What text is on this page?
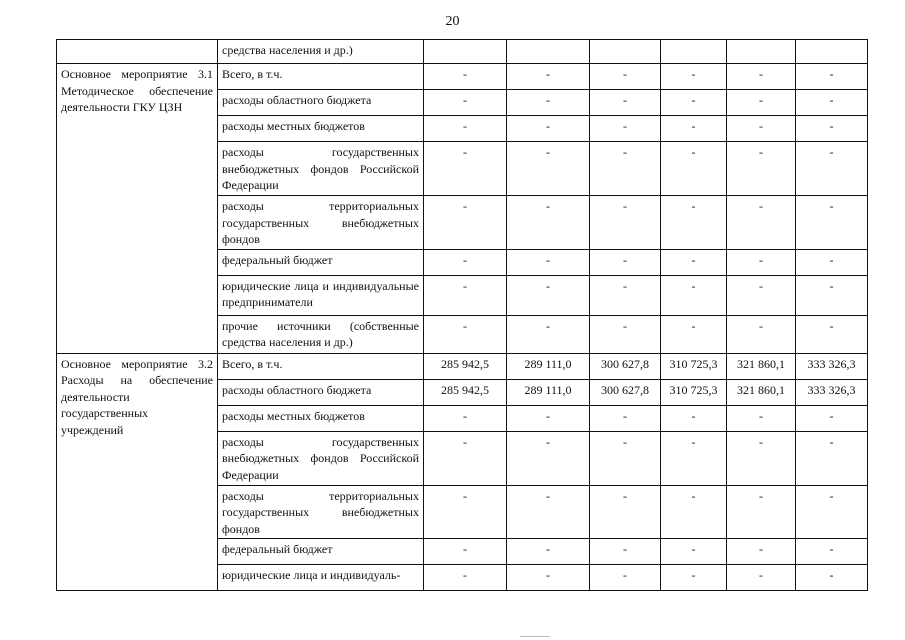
20
	средства населения и др.)						
Основное мероприятие 3.1 Методическое обеспечение деятельности ГКУ ЦЗН	Всего, в т.ч.	-	-	-	-	-	-
	расходы областного бюджета	-	-	-	-	-	-
	расходы местных бюджетов	-	-	-	-	-	-
	расходы государственных внебюджетных фондов Российской Федерации	-	-	-	-	-	-
	расходы территориальных государственных внебюджетных фондов	-	-	-	-	-	-
	федеральный бюджет	-	-	-	-	-	-
	юридические лица и индивидуальные предприниматели	-	-	-	-	-	-
	прочие источники (собственные средства населения и др.)	-	-	-	-	-	-
Основное мероприятие 3.2 Расходы на обеспечение деятельности государственных учреждений	Всего, в т.ч.	285 942,5	289 111,0	300 627,8	310 725,3	321 860,1	333 326,3
	расходы областного бюджета	285 942,5	289 111,0	300 627,8	310 725,3	321 860,1	333 326,3
	расходы местных бюджетов	-	-	-	-	-	-
	расходы государственных внебюджетных фондов Российской Федерации	-	-	-	-	-	-
	расходы территориальных государственных внебюджетных фондов	-	-	-	-	-	-
	федеральный бюджет	-	-	-	-	-	-
	юридические лица и индивидуаль-	-	-	-	-	-	-
